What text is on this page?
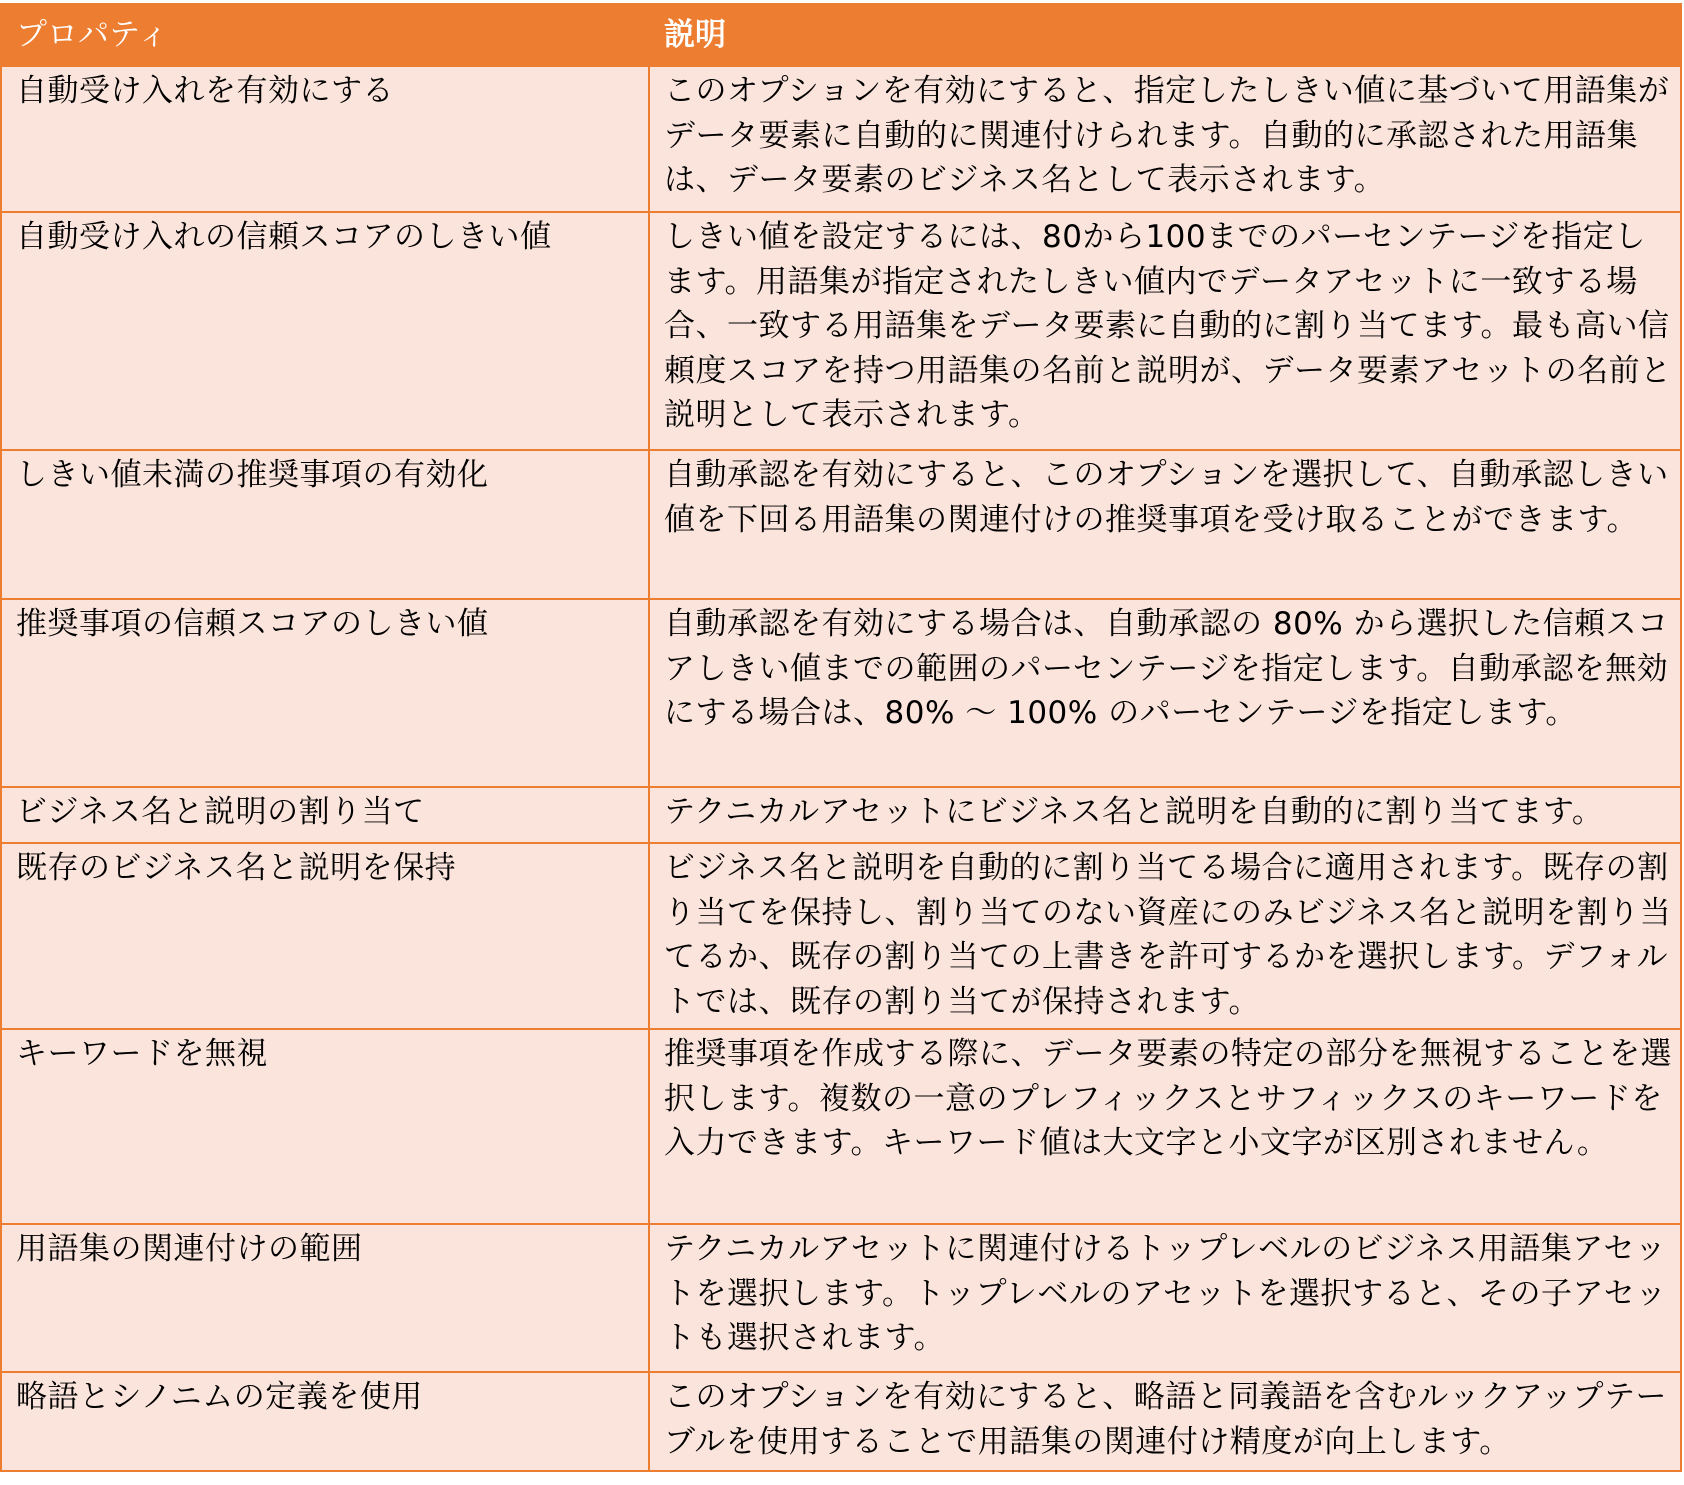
プロパティ	説明
自動受け入れを有効にする	このオプションを有効にすると、指定したしきい値に基づいて用語集がデータ要素に自動的に関連付けられます。自動的に承認された用語集は、データ要素のビジネス名として表示されます。
自動受け入れの信頼スコアのしきい値	しきい値を設定するには、80から100までのパーセンテージを指定します。用語集が指定されたしきい値内でデータアセットに一致する場合、一致する用語集をデータ要素に自動的に割り当てます。最も高い信頼度スコアを持つ用語集の名前と説明が、データ要素アセットの名前と説明として表示されます。
しきい値未満の推奨事項の有効化	自動承認を有効にすると、このオプションを選択して、自動承認しきい値を下回る用語集の関連付けの推奨事項を受け取ることができます。
推奨事項の信頼スコアのしきい値	自動承認を有効にする場合は、自動承認の 80% から選択した信頼スコアしきい値までの範囲のパーセンテージを指定します。自動承認を無効にする場合は、80% ～ 100% のパーセンテージを指定します。
ビジネス名と説明の割り当て	テクニカルアセットにビジネス名と説明を自動的に割り当てます。
既存のビジネス名と説明を保持	ビジネス名と説明を自動的に割り当てる場合に適用されます。既存の割り当てを保持し、割り当てのない資産にのみビジネス名と説明を割り当てるか、既存の割り当ての上書きを許可するかを選択します。デフォルトでは、既存の割り当てが保持されます。
キーワードを無視	推奨事項を作成する際に、データ要素の特定の部分を無視することを選択します。複数の一意のプレフィックスとサフィックスのキーワードを入力できます。キーワード値は大文字と小文字が区別されません。
用語集の関連付けの範囲	テクニカルアセットに関連付けるトップレベルのビジネス用語集アセットを選択します。トップレベルのアセットを選択すると、その子アセットも選択されます。
略語とシノニムの定義を使用	このオプションを有効にすると、略語と同義語を含むルックアップテーブルを使用することで用語集の関連付け精度が向上します。
